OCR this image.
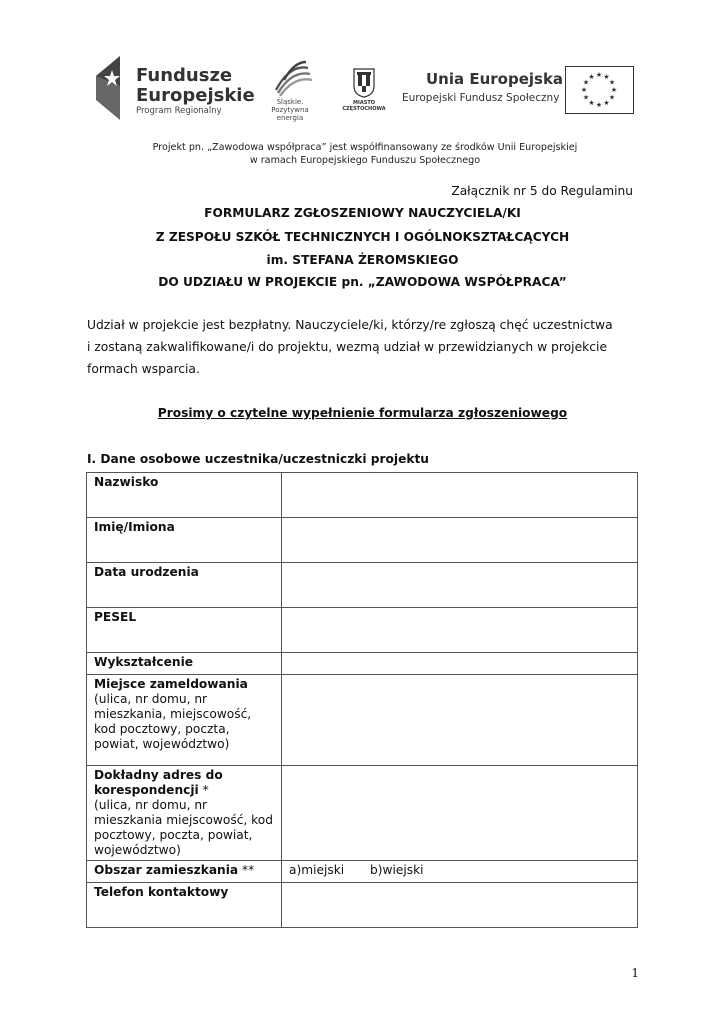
Fundusze
Europejskie
Program Regionalny
Śląskie.
Pozytywna energia
MIASTO CZĘSTOCHOWA
Unia Europejska
Europejski Fundusz Społeczny
★ ★
★
★
★
★
★
★
★
★
★
★
Projekt pn. „Zawodowa współpraca” jest współfinansowany ze środków Unii Europejskiej
w ramach Europejskiego Funduszu Społecznego
Załącznik nr 5 do Regulaminu
FORMULARZ ZGŁOSZENIOWY NAUCZYCIELA/KI
Z ZESPOŁU SZKÓŁ TECHNICZNYCH I OGÓLNOKSZTAŁCĄCYCH
im. STEFANA ŻEROMSKIEGO
DO UDZIAŁU W PROJEKCIE pn. „ZAWODOWA WSPÓŁPRACA”

Udział w projekcie jest bezpłatny. Nauczyciele/ki, którzy/re zgłoszą chęć uczestnictwa

i zostaną zakwalifikowane/i do projektu, wezmą udział w przewidzianych w projekcie

formach wsparcia.

Prosimy o czytelne wypełnienie formularza zgłoszeniowego
I. Dane osobowe uczestnika/uczestniczki projektu
Nazwisko	
Imię/Imiona	
Data urodzenia	
PESEL	
Wykształcenie	
Miejsce zameldowania
(ulica, nr domu, nr mieszkania, miejscowość, kod pocztowy, poczta, powiat, województwo)	
Dokładny adres do korespondencji *
(ulica, nr domu, nr mieszkania miejscowość, kod pocztowy, poczta, powiat, województwo)	
Obszar zamieszkania **	a)miejski b)wiejski
Telefon kontaktowy	
1
